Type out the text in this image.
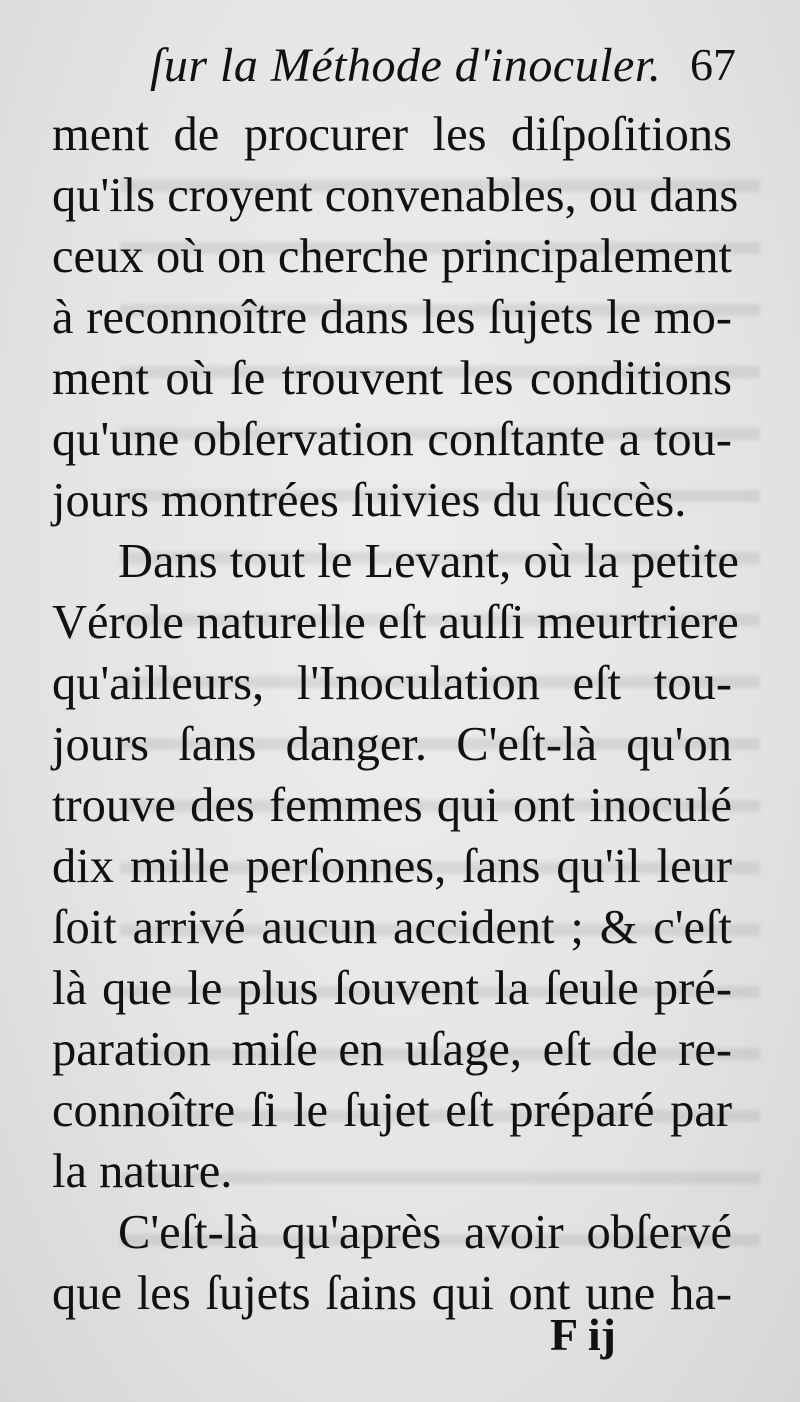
ſur la Méthode d'inoculer. 67
ment de procurer les diſpoſitions
qu'ils croyent convenables, ou dans
ceux où on cherche principalement
à reconnoître dans les ſujets le mo-
ment où ſe trouvent les conditions
qu'une obſervation conſtante a tou-
jours montrées ſuivies du ſuccès.
Dans tout le Levant, où la petite
Vérole naturelle eſt auſſi meurtriere
qu'ailleurs, l'Inoculation eſt tou-
jours ſans danger. C'eſt-là qu'on
trouve des femmes qui ont inoculé
dix mille perſonnes, ſans qu'il leur
ſoit arrivé aucun accident ; & c'eſt
là que le plus ſouvent la ſeule pré-
paration miſe en uſage, eſt de re-
connoître ſi le ſujet eſt préparé par
la nature.
C'eſt-là qu'après avoir obſervé
que les ſujets ſains qui ont une ha-
F ij
